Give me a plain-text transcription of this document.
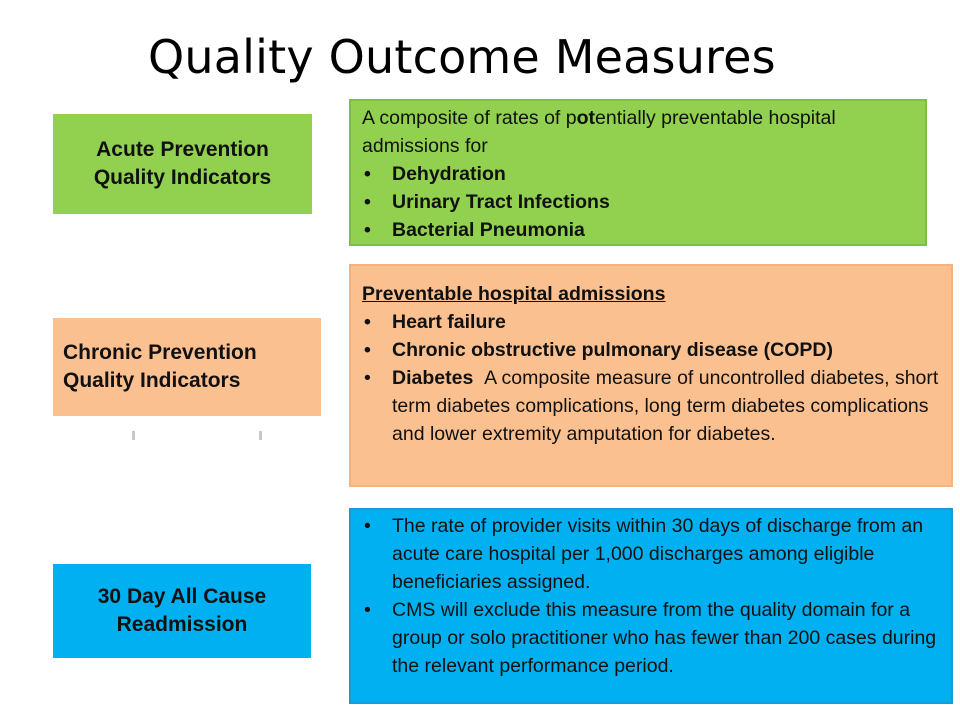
Quality Outcome Measures
Acute Prevention
Quality Indicators

A composite of rates of potentially preventable hospital admissions for

• Dehydration
• Urinary Tract Infections
• Bacterial Pneumonia
Chronic Prevention
Quality Indicators
Preventable hospital admissions
• Heart failure
• Chronic obstructive pulmonary disease (COPD)
• Diabetes A composite measure of uncontrolled diabetes, short term diabetes complications, long term diabetes complications and lower extremity amputation for diabetes.
30 Day All Cause
Readmission
• The rate of provider visits within 30 days of discharge from an acute care hospital per 1,000 discharges among eligible beneficiaries assigned.
• CMS will exclude this measure from the quality domain for a group or solo practitioner who has fewer than 200 cases during the relevant performance period.
